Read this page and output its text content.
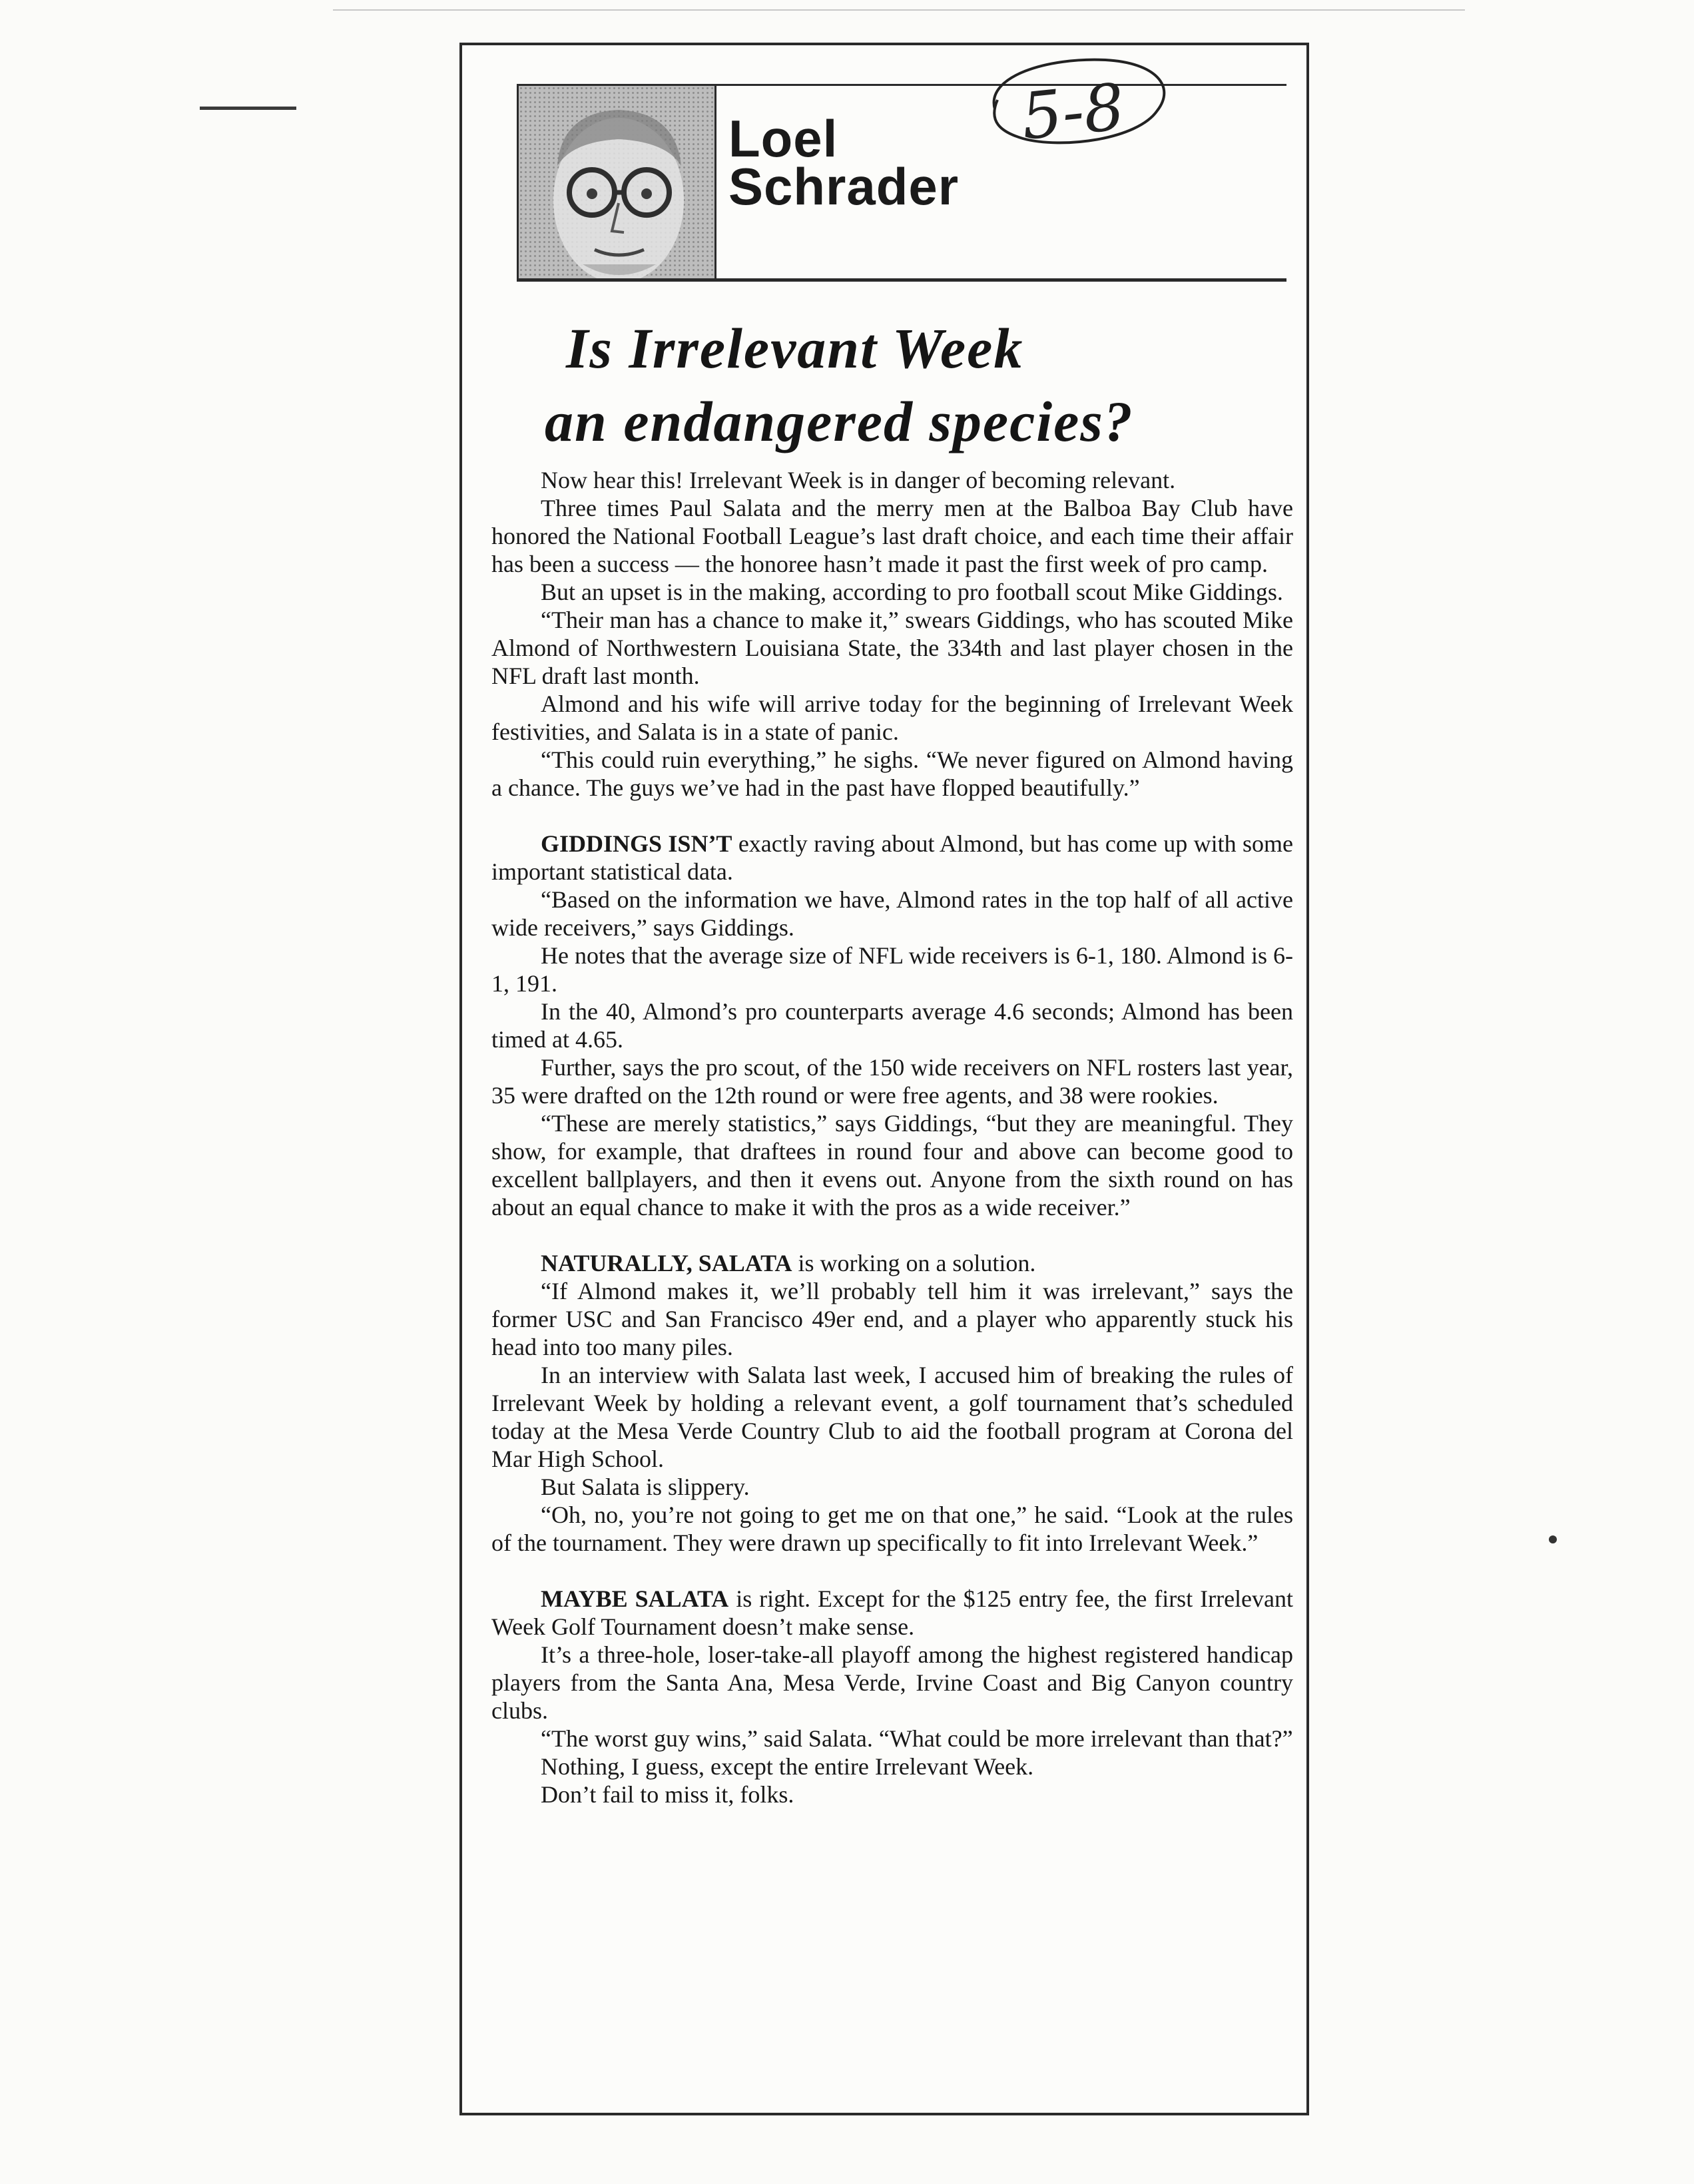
Loel
Schrader
5-8
Is Irrelevant Week
an endangered species?

Now hear this! Irrelevant Week is in danger of becoming relevant.

Three times Paul Salata and the merry men at the Balboa Bay Club have honored the National Football League’s last draft choice, and each time their affair has been a success — the honoree hasn’t made it past the first week of pro camp.

But an upset is in the making, according to pro football scout Mike Giddings.

“Their man has a chance to make it,” swears Giddings, who has scouted Mike Almond of Northwestern Louisiana State, the 334th and last player chosen in the NFL draft last month.

Almond and his wife will arrive today for the beginning of Irrelevant Week festivities, and Salata is in a state of panic.

“This could ruin everything,” he sighs. “We never figured on Almond having a chance. The guys we’ve had in the past have flopped beautifully.”

GIDDINGS ISN’T exactly raving about Almond, but has come up with some important statistical data.

“Based on the information we have, Almond rates in the top half of all active wide receivers,” says Giddings.

He notes that the average size of NFL wide receivers is 6-1, 180. Almond is 6-1, 191.

In the 40, Almond’s pro counterparts average 4.6 seconds; Almond has been timed at 4.65.

Further, says the pro scout, of the 150 wide receivers on NFL rosters last year, 35 were drafted on the 12th round or were free agents, and 38 were rookies.

“These are merely statistics,” says Giddings, “but they are meaningful. They show, for example, that draftees in round four and above can become good to excellent ballplayers, and then it evens out. Anyone from the sixth round on has about an equal chance to make it with the pros as a wide receiver.”

NATURALLY, SALATA is working on a solution.

“If Almond makes it, we’ll probably tell him it was irrelevant,” says the former USC and San Francisco 49er end, and a player who apparently stuck his head into too many piles.

In an interview with Salata last week, I accused him of breaking the rules of Irrelevant Week by holding a relevant event, a golf tournament that’s scheduled today at the Mesa Verde Country Club to aid the football program at Corona del Mar High School.

But Salata is slippery.

“Oh, no, you’re not going to get me on that one,” he said. “Look at the rules of the tournament. They were drawn up specifically to fit into Irrelevant Week.”

MAYBE SALATA is right. Except for the $125 entry fee, the first Irrelevant Week Golf Tournament doesn’t make sense.

It’s a three-hole, loser-take-all playoff among the highest registered handicap players from the Santa Ana, Mesa Verde, Irvine Coast and Big Canyon country clubs.

“The worst guy wins,” said Salata. “What could be more irrelevant than that?”

Nothing, I guess, except the entire Irrelevant Week.

Don’t fail to miss it, folks.
